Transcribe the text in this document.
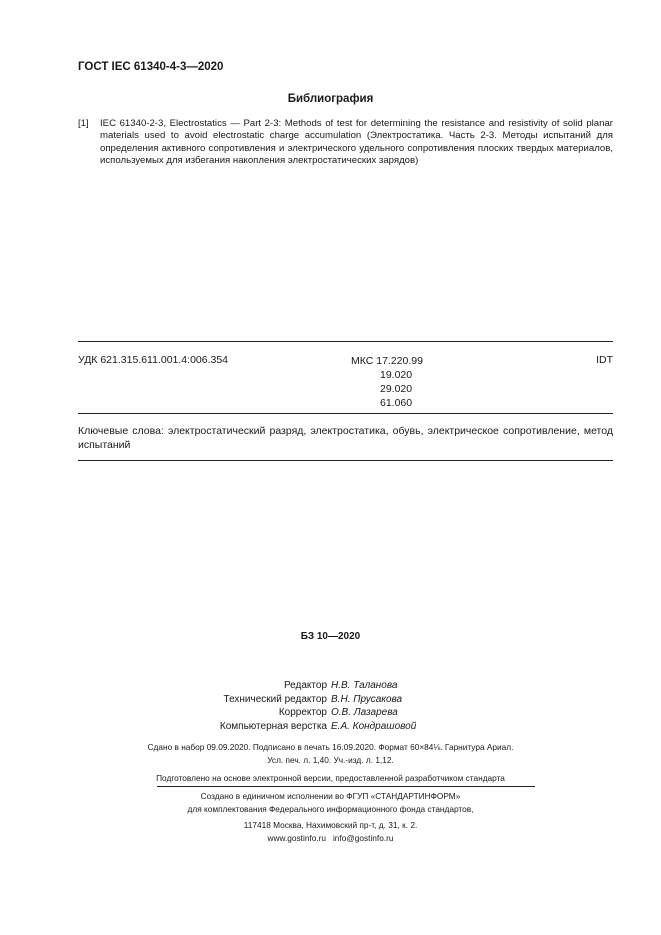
ГОСТ IEC 61340-4-3—2020
Библиография
[1] IEC 61340-2-3, Electrostatics — Part 2-3: Methods of test for determining the resistance and resistivity of solid planar materials used to avoid electrostatic charge accumulation (Электростатика. Часть 2-3. Методы испытаний для определения активного сопротивления и электрического удельного сопротивления плоских твердых материалов, используемых для избегания накопления электростатических зарядов)
УДК 621.315.611.001.4:006.354	МКС 17.220.99
19.020
29.020
61.060
IDT
Ключевые слова: электростатический разряд, электростатика, обувь, электрическое сопротивление, метод испытаний
БЗ 10—2020
Редактор Н.В. Таланова
Технический редактор В.Н. Прусакова
Корректор О.В. Лазарева
Компьютерная верстка Е.А. Кондрашовой
Сдано в набор 09.09.2020. Подписано в печать 16.09.2020. Формат 60×84⅛. Гарнитура Ариал.
Усл. печ. л. 1,40. Уч.-изд. л. 1,12.
Подготовлено на основе электронной версии, предоставленной разработчиком стандарта
Создано в единичном исполнении во ФГУП «СТАНДАРТИНФОРМ»
для комплектования Федерального информационного фонда стандартов,
117418 Москва, Нахимовский пр-т, д. 31, к. 2.
www.gostinfo.ru info@gostinfo.ru
